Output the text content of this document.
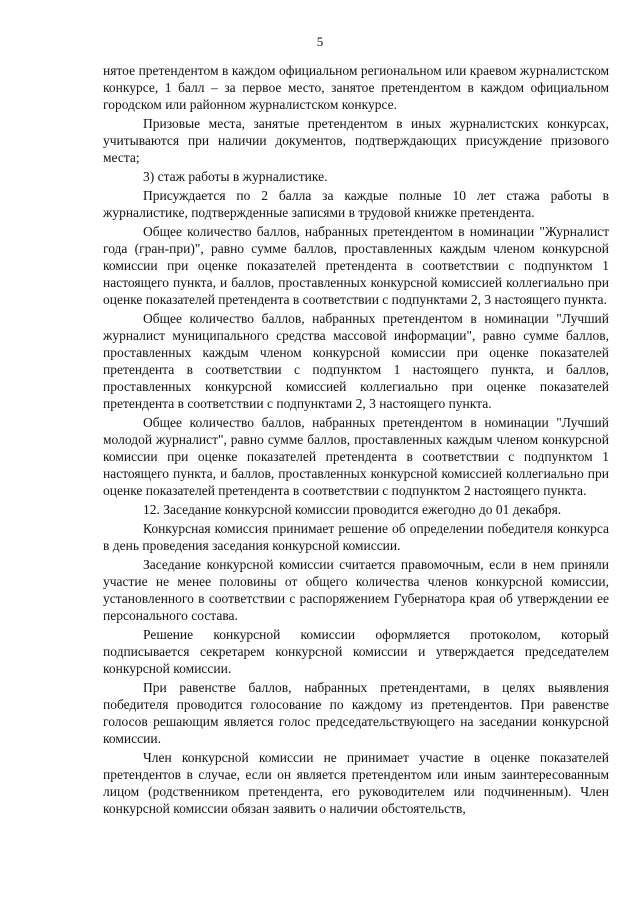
5

нятое претендентом в каждом официальном региональном или краевом журналистском конкурсе, 1 балл – за первое место, занятое претендентом в каждом официальном городском или районном журналистском конкурсе.

Призовые места, занятые претендентом в иных журналистских конкурсах, учитываются при наличии документов, подтверждающих присуждение призового места;

3) стаж работы в журналистике.

Присуждается по 2 балла за каждые полные 10 лет стажа работы в журналистике, подтвержденные записями в трудовой книжке претендента.

Общее количество баллов, набранных претендентом в номинации "Журналист года (гран-при)", равно сумме баллов, проставленных каждым членом конкурсной комиссии при оценке показателей претендента в соответствии с подпунктом 1 настоящего пункта, и баллов, проставленных конкурсной комиссией коллегиально при оценке показателей претендента в соответствии с подпунктами 2, 3 настоящего пункта.

Общее количество баллов, набранных претендентом в номинации "Лучший журналист муниципального средства массовой информации", равно сумме баллов, проставленных каждым членом конкурсной комиссии при оценке показателей претендента в соответствии с подпунктом 1 настоящего пункта, и баллов, проставленных конкурсной комиссией коллегиально при оценке показателей претендента в соответствии с подпунктами 2, 3 настоящего пункта.

Общее количество баллов, набранных претендентом в номинации "Лучший молодой журналист", равно сумме баллов, проставленных каждым членом конкурсной комиссии при оценке показателей претендента в соответствии с подпунктом 1 настоящего пункта, и баллов, проставленных конкурсной комиссией коллегиально при оценке показателей претендента в соответствии с подпунктом 2 настоящего пункта.

12. Заседание конкурсной комиссии проводится ежегодно до 01 декабря.

Конкурсная комиссия принимает решение об определении победителя конкурса в день проведения заседания конкурсной комиссии.

Заседание конкурсной комиссии считается правомочным, если в нем приняли участие не менее половины от общего количества членов конкурсной комиссии, установленного в соответствии с распоряжением Губернатора края об утверждении ее персонального состава.

Решение конкурсной комиссии оформляется протоколом, который подписывается секретарем конкурсной комиссии и утверждается председателем конкурсной комиссии.

При равенстве баллов, набранных претендентами, в целях выявления победителя проводится голосование по каждому из претендентов. При равенстве голосов решающим является голос председательствующего на заседании конкурсной комиссии.

Член конкурсной комиссии не принимает участие в оценке показателей претендентов в случае, если он является претендентом или иным заинтересованным лицом (родственником претендента, его руководителем или подчиненным). Член конкурсной комиссии обязан заявить о наличии обстоятельств,
